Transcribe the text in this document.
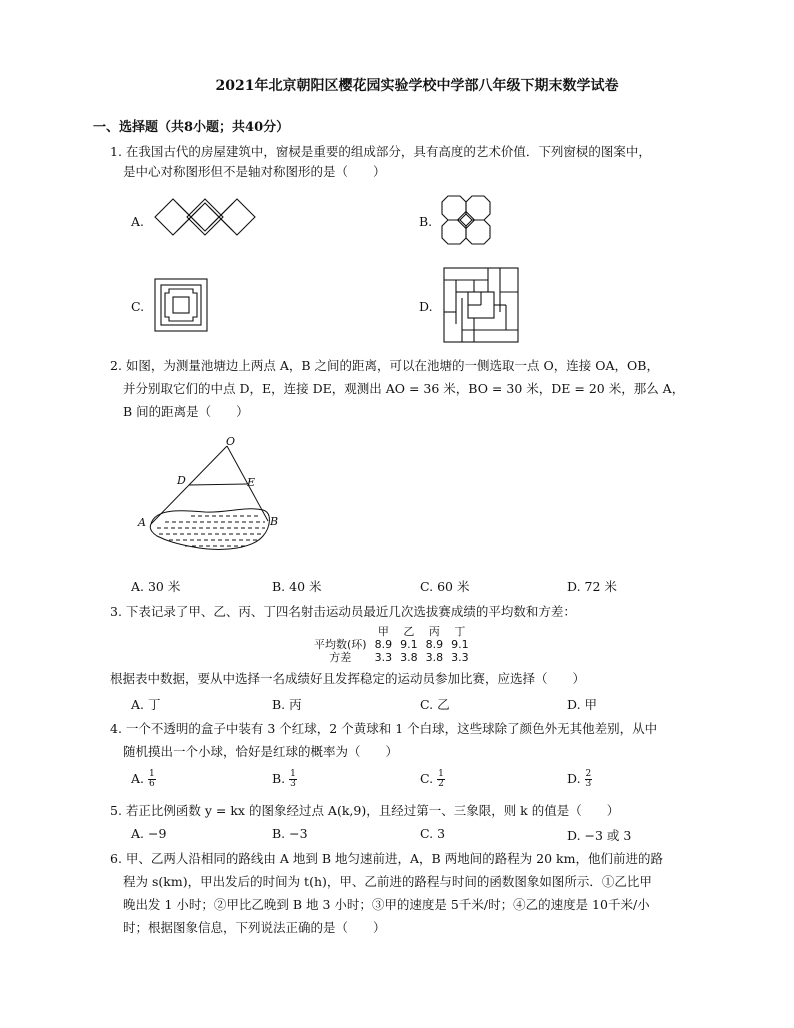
2021年北京朝阳区樱花园实验学校中学部八年级下期末数学试卷
一、选择题（共8小题；共40分）
1. 在我国古代的房屋建筑中，窗棂是重要的组成部分，具有高度的艺术价值．下列窗棂的图案中，
是中心对称图形但不是轴对称图形的是（　　）
A.	B.
C.	D.
2. 如图，为测量池塘边上两点 A，B 之间的距离，可以在池塘的一侧选取一点 O，连接 OA，OB，
并分别取它们的中点 D，E，连接 DE，观测出 AO = 36 米，BO = 30 米，DE = 20 米，那么 A，
B 间的距离是（　　）
O
D	E
A	B
A. 30 米	B. 40 米	C. 60 米	D. 72 米
3. 下表记录了甲、乙、丙、丁四名射击运动员最近几次选拔赛成绩的平均数和方差：
	甲	乙	丙	丁
平均数(环)	8.9	9.1	8.9	9.1
方差	3.3	3.8	3.8	3.3
根据表中数据，要从中选择一名成绩好且发挥稳定的运动员参加比赛，应选择（　　）
A. 丁	B. 丙	C. 乙	D. 甲
4. 一个不透明的盒子中装有 3 个红球，2 个黄球和 1 个白球，这些球除了颜色外无其他差别，从中
随机摸出一个小球，恰好是红球的概率为（　　）
A. $\frac{1}{6}$	B. $\frac{1}{3}$	C. $\frac{1}{2}$	D. $\frac{2}{3}$
5. 若正比例函数 y = kx 的图象经过点 A(k,9)，且经过第一、三象限，则 k 的值是（　　）
A. −9	B. −3	C. 3	D. −3 或 3
6. 甲、乙两人沿相同的路线由 A 地到 B 地匀速前进，A，B 两地间的路程为 20 km，他们前进的路
程为 s(km)，甲出发后的时间为 t(h)，甲、乙前进的路程与时间的函数图象如图所示．①乙比甲
晚出发 1 小时；②甲比乙晚到 B 地 3 小时；③甲的速度是 5千米/时；④乙的速度是 10千米/小
时；根据图象信息，下列说法正确的是（　　）
